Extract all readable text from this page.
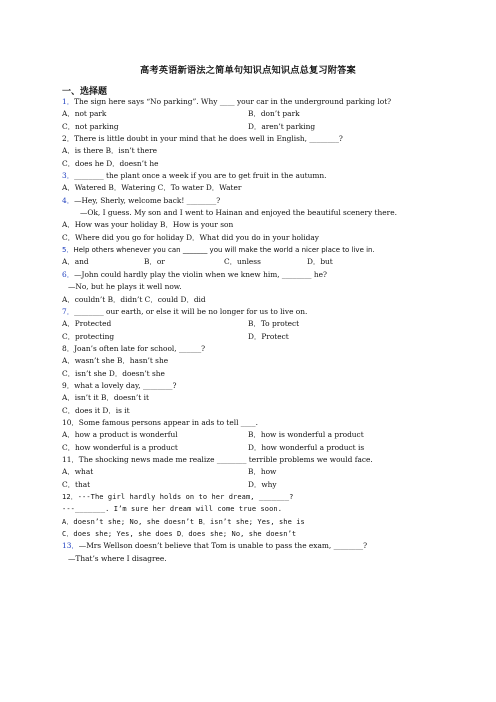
高考英语新语法之简单句知识点知识点总复习附答案
一、选择题
1．The sign here says “No parking”. Why ____ your car in the underground parking lot?
A．not park	B．don’t park
C．not parking	D．aren’t parking
2．There is little doubt in your mind that he does well in English, ________?
A．is there B．isn’t there
C．does he D．doesn’t he
3．________ the plant once a week if you are to get fruit in the autumn.
A．Watered B．Watering C．To water D．Water
4．—Hey, Sherly, welcome back! ________?
—Ok, I guess. My son and I went to Hainan and enjoyed the beautiful scenery there.
A．How was your holiday B．How is your son
C．Where did you go for holiday D．What did you do in your holiday
5．Help others whenever you can _______ you will make the world a nicer place to live in.
A．and	B．or	C．unless	D．but
6．—John could hardly play the violin when we knew him, ________ he?
—No, but he plays it well now.
A．couldn’t B．didn’t C．could D．did
7．________ our earth, or else it will be no longer for us to live on.
A．Protected	B．To protect
C．protecting	D．Protect
8．Joan’s often late for school, ______?
A．wasn’t she B．hasn’t she
C．isn’t she D．doesn’t she
9．what a lovely day, ________?
A．isn’t it B．doesn’t it
C．does it D．is it
10．Some famous persons appear in ads to tell ____.
A．how a product is wonderful	B．how is wonderful a product
C．how wonderful is a product	D．how wonderful a product is
11．The shocking news made me realize ________ terrible problems we would face.
A．what	B．how
C．that	D．why
12．---The girl hardly holds on to her dream, _______?
---_______. I’m sure her dream will come true soon.
A．doesn’t she; No, she doesn’t B．isn’t she; Yes, she is
C．does she; Yes, she does D．does she; No, she doesn’t
13．—Mrs Wellson doesn’t believe that Tom is unable to pass the exam, ________?
—That’s where I disagree.
